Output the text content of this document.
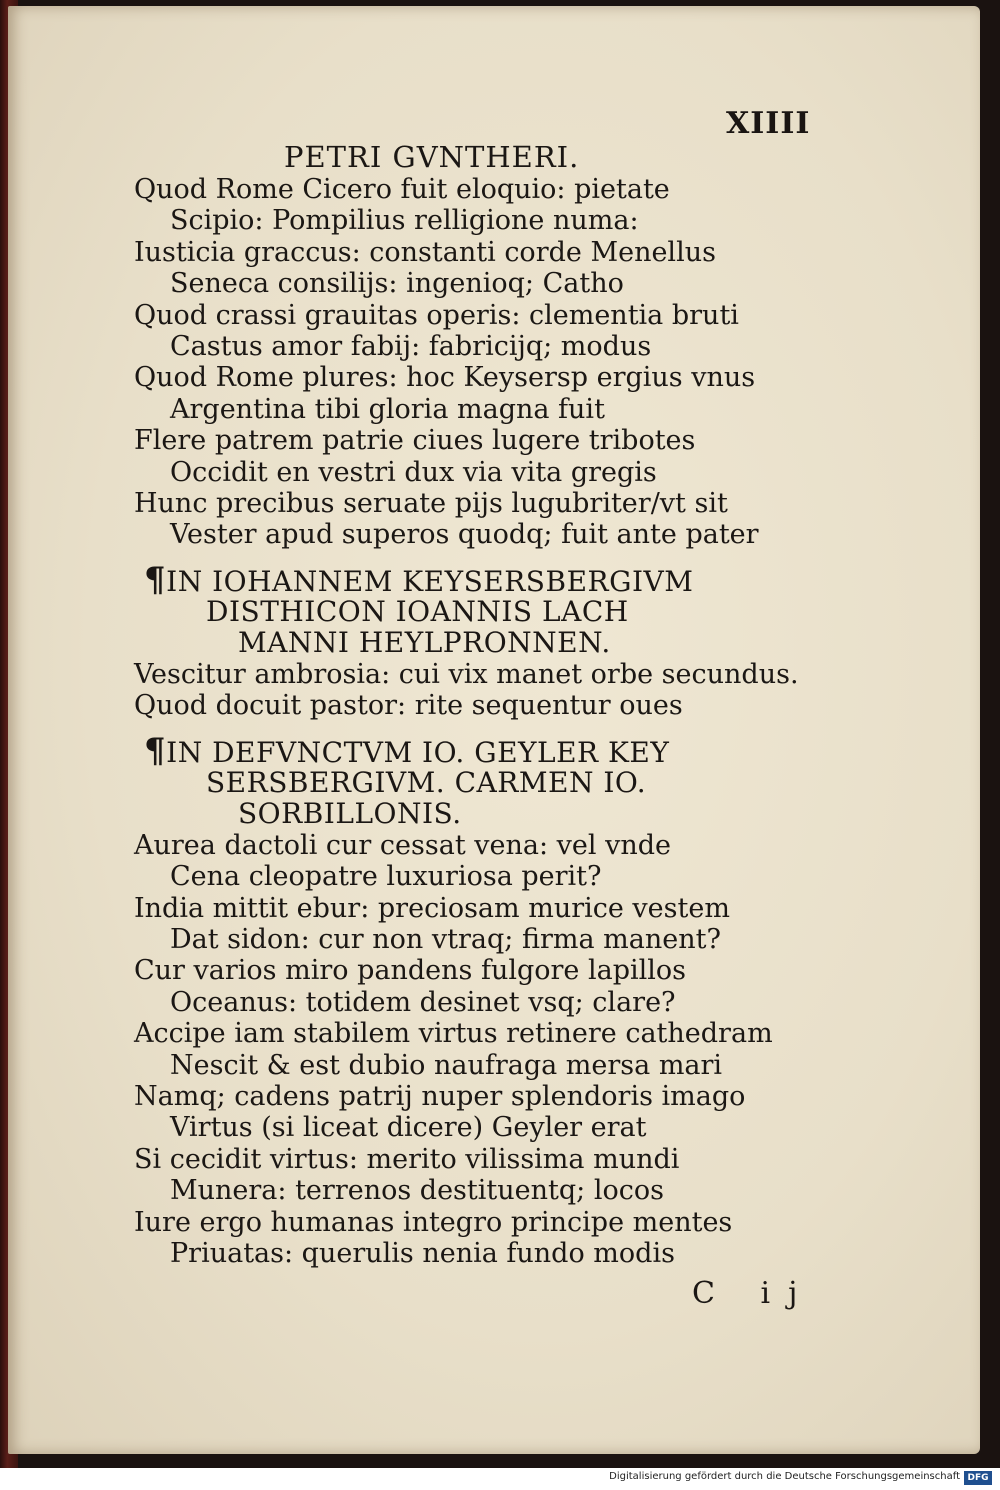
XIIII
PETRI GVNTHERI.
Quod Rome Cicero fuit eloquio: pietate
Scipio: Pompilius relligione numa:
Iusticia graccus: constanti corde Menellus
Seneca consilijs: ingenioq; Catho
Quod crassi grauitas operis: clementia bruti
Castus amor fabij: fabricijq; modus
Quod Rome plures: hoc Keysersp ergius vnus
Argentina tibi gloria magna fuit
Flere patrem patrie ciues lugere tribotes
Occidit en vestri dux via vita gregis
Hunc precibus seruate pijs lugubriter/vt sit
Vester apud superos quodq; fuit ante pater
¶IN IOHANNEM KEYSERSBERGIVM
DISTHICON IOANNIS LACH
MANNI HEYLPRONNEN.
Vescitur ambrosia: cui vix manet orbe secundus.
Quod docuit pastor: rite sequentur oues
¶IN DEFVNCTVM IO. GEYLER KEY
SERSBERGIVM. CARMEN IO.
SORBILLONIS.
Aurea dactoli cur cessat vena: vel vnde
Cena cleopatre luxuriosa perit?
India mittit ebur: preciosam murice vestem
Dat sidon: cur non vtraq; firma manent?
Cur varios miro pandens fulgore lapillos
Oceanus: totidem desinet vsq; clare?
Accipe iam stabilem virtus retinere cathedram
Nescit & est dubio naufraga mersa mari
Namq; cadens patrij nuper splendoris imago
Virtus (si liceat dicere) Geyler erat
Si cecidit virtus: merito vilissima mundi
Munera: terrenos destituentq; locos
Iure ergo humanas integro principe mentes
Priuatas: querulis nenia fundo modis
C ij
Digitalisierung gefördert durch die Deutsche Forschungsgemeinschaft DFG
